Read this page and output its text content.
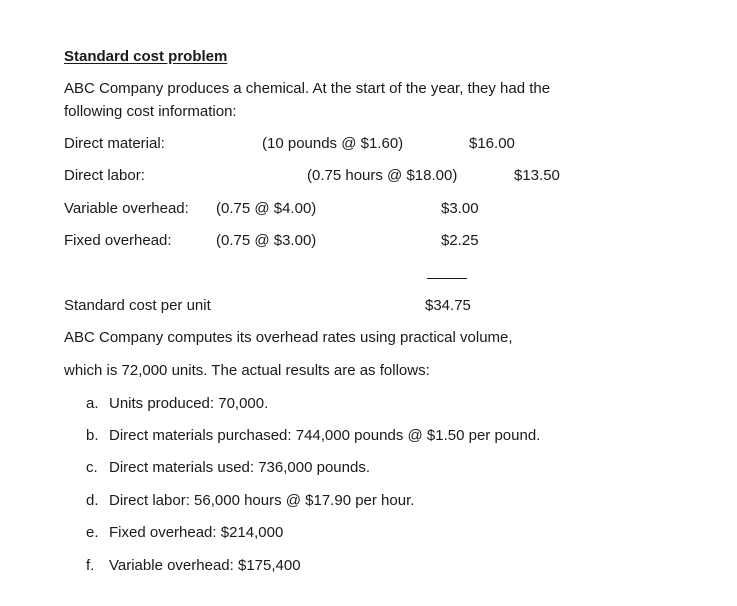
Standard cost problem
ABC Company produces a chemical. At the start of the year, they had the
following cost information:
Direct material:	(10 pounds @ $1.60)	$16.00
Direct labor:	(0.75 hours @ $18.00)	$13.50
Variable overhead: (0.75 @ $4.00)	$3.00
Fixed overhead:	(0.75 @ $3.00)	$2.25
Standard cost per unit	$34.75
ABC Company computes its overhead rates using practical volume,
which is 72,000 units. The actual results are as follows:
a. Units produced: 70,000.
b. Direct materials purchased: 744,000 pounds @ $1.50 per pound.
c. Direct materials used: 736,000 pounds.
d. Direct labor: 56,000 hours @ $17.90 per hour.
e. Fixed overhead: $214,000
f. Variable overhead: $175,400
